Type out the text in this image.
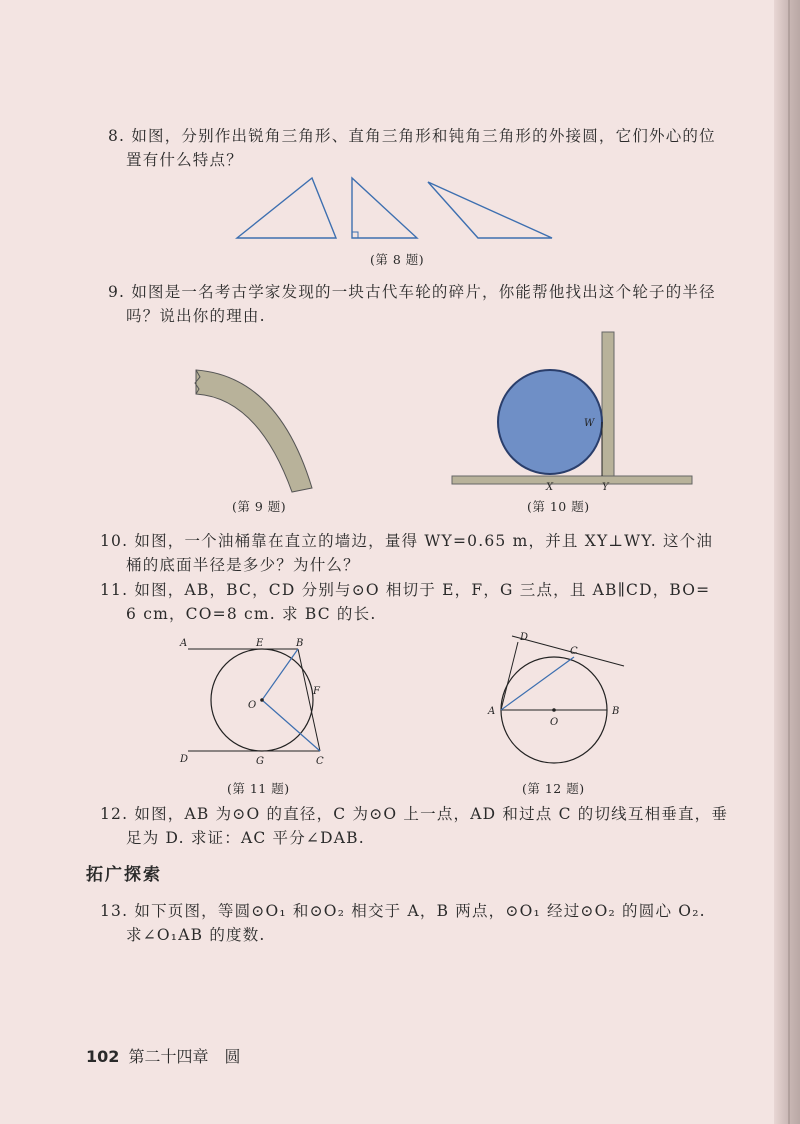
8. 如图，分别作出锐角三角形、直角三角形和钝角三角形的外接圆，它们外心的位
置有什么特点？
(第 8 题)
9. 如图是一名考古学家发现的一块古代车轮的碎片，你能帮他找出这个轮子的半径
吗？说出你的理由.
(第 9 题)
W
X	Y
(第 10 题)
10. 如图，一个油桶靠在直立的墙边，量得 WY=0.65 m，并且 XY⊥WY. 这个油
桶的底面半径是多少？为什么？
11. 如图，AB，BC，CD 分别与⊙O 相切于 E，F，G 三点，且 AB∥CD，BO=
6 cm，CO=8 cm. 求 BC 的长.
A	E	B
F
O
D	G	C
(第 11 题)
D
C
A
O
B
(第 12 题)
12. 如图，AB 为⊙O 的直径，C 为⊙O 上一点，AD 和过点 C 的切线互相垂直，垂
足为 D. 求证：AC 平分∠DAB.
拓广探索
13. 如下页图，等圆⊙O₁ 和⊙O₂ 相交于 A，B 两点，⊙O₁ 经过⊙O₂ 的圆心 O₂.
求∠O₁AB 的度数.
102 第二十四章　圆
